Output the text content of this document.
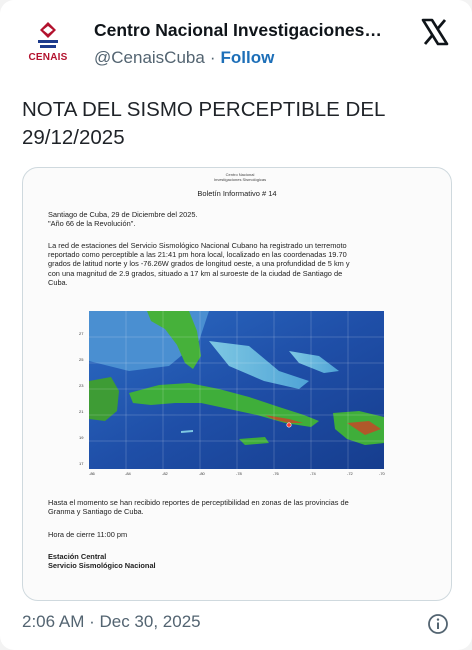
CENAIS
Centro Nacional Investigaciones…
@CenaisCuba · Follow
NOTA DEL SISMO PERCEPTIBLE DEL
29/12/2025
Centro Nacional
Investigaciones Sismológicas
Boletín Informativo # 14
Santiago de Cuba, 29 de Diciembre del 2025.
"Año 66 de la Revolución".
La red de estaciones del Servicio Sismológico Nacional Cubano ha registrado un terremoto
reportado como perceptible a las 21:41 pm hora local, localizado en las coordenadas 19.70
grados de latitud norte y los -76.26W grados de longitud oeste, a una profundidad de 5 km y
con una magnitud de 2.9 grados, situado a 17 km al suroeste de la ciudad de Santiago de
Cuba.
27
25
23
21
19
17
-86	-84	-82	-80	-78	-76	-74	-72	-70
Hasta el momento se han recibido reportes de perceptibilidad en zonas de las provincias de
Granma y Santiago de Cuba.
Hora de cierre 11:00 pm
Estación Central
Servicio Sismológico Nacional
2:06 AM · Dec 30, 2025
